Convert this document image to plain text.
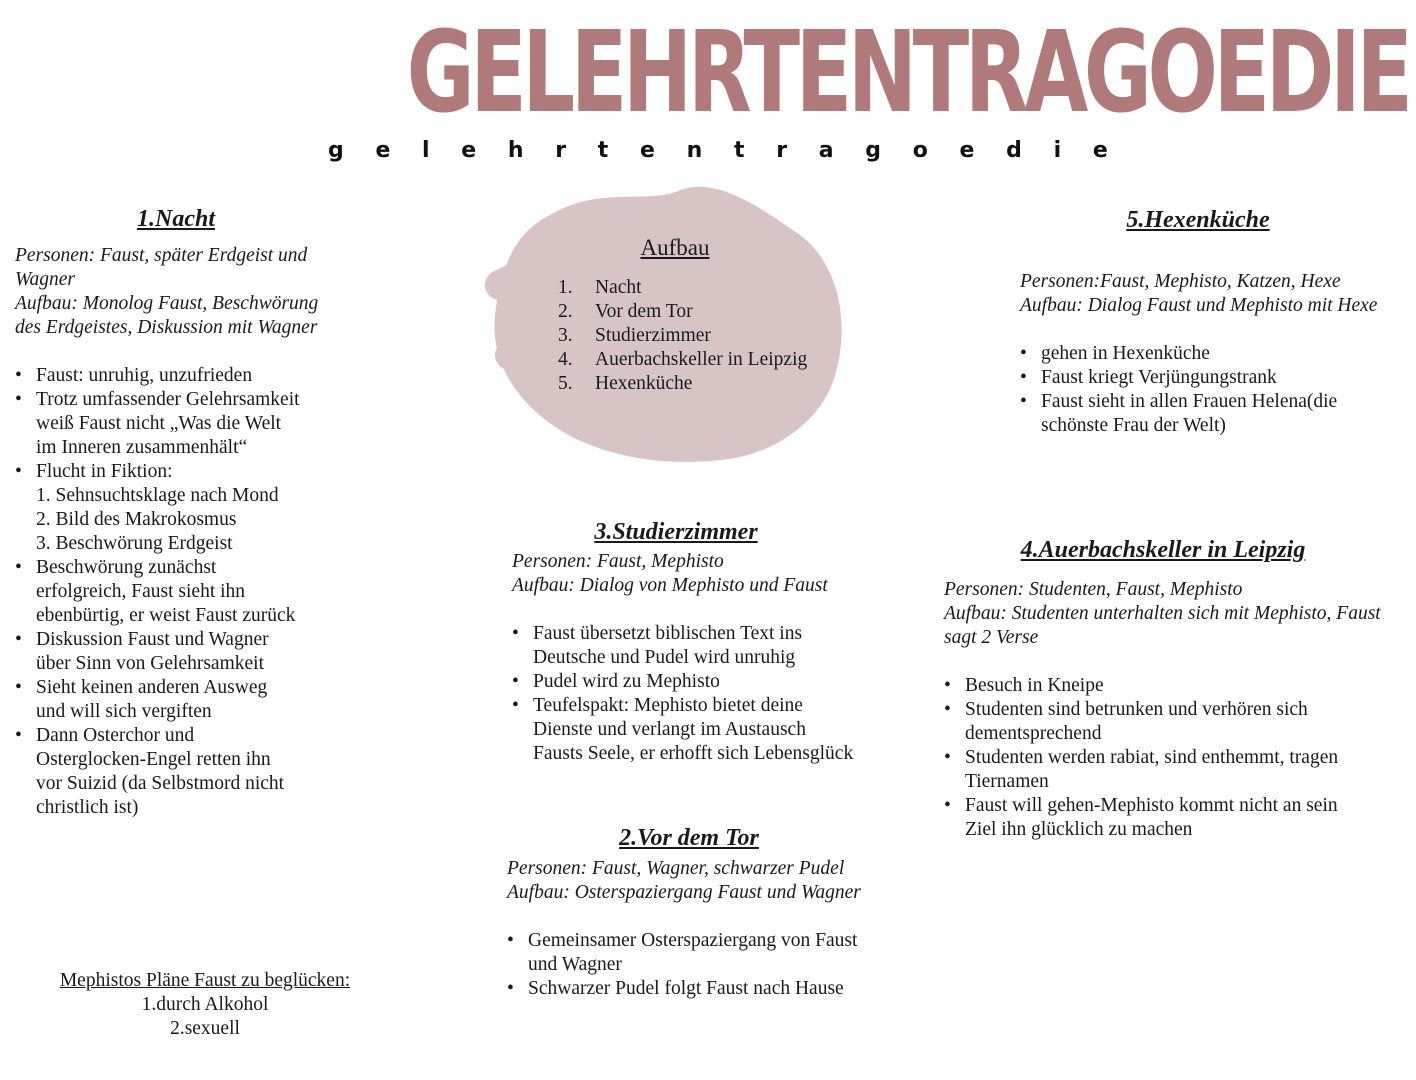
GELEHRTENTRAGOEDIE
g e l e h r t e n t r a g o e d i e
Aufbau
1.	Nacht
2.	Vor dem Tor
3.	Studierzimmer
4.	Auerbachskeller in Leipzig
5.	Hexenküche
1.Nacht
Personen: Faust, später Erdgeist und
Wagner
Aufbau: Monolog Faust, Beschwörung
des Erdgeistes, Diskussion mit Wagner
• Faust: unruhig, unzufrieden
• Trotz umfassender Gelehrsamkeit
weiß Faust nicht „Was die Welt
im Inneren zusammenhält“
• Flucht in Fiktion:
1. Sehnsuchtsklage nach Mond
2. Bild des Makrokosmus
3. Beschwörung Erdgeist
• Beschwörung zunächst
erfolgreich, Faust sieht ihn
ebenbürtig, er weist Faust zurück
• Diskussion Faust und Wagner
über Sinn von Gelehrsamkeit
• Sieht keinen anderen Ausweg
und will sich vergiften
• Dann Osterchor und
Osterglocken-Engel retten ihn
vor Suizid (da Selbstmord nicht
christlich ist)
Mephistos Pläne Faust zu beglücken:
1.durch Alkohol
2.sexuell
5.Hexenküche
Personen:Faust, Mephisto, Katzen, Hexe
Aufbau: Dialog Faust und Mephisto mit Hexe
• gehen in Hexenküche
• Faust kriegt Verjüngungstrank
• Faust sieht in allen Frauen Helena(die
schönste Frau der Welt)
3.Studierzimmer
Personen: Faust, Mephisto
Aufbau: Dialog von Mephisto und Faust
• Faust übersetzt biblischen Text ins
Deutsche und Pudel wird unruhig
• Pudel wird zu Mephisto
• Teufelspakt: Mephisto bietet deine
Dienste und verlangt im Austausch
Fausts Seele, er erhofft sich Lebensglück
4.Auerbachskeller in Leipzig
Personen: Studenten, Faust, Mephisto
Aufbau: Studenten unterhalten sich mit Mephisto, Faust
sagt 2 Verse
• Besuch in Kneipe
• Studenten sind betrunken und verhören sich
dementsprechend
• Studenten werden rabiat, sind enthemmt, tragen
Tiernamen
• Faust will gehen-Mephisto kommt nicht an sein
Ziel ihn glücklich zu machen
2.Vor dem Tor
Personen: Faust, Wagner, schwarzer Pudel
Aufbau: Osterspaziergang Faust und Wagner
• Gemeinsamer Osterspaziergang von Faust
und Wagner
• Schwarzer Pudel folgt Faust nach Hause
